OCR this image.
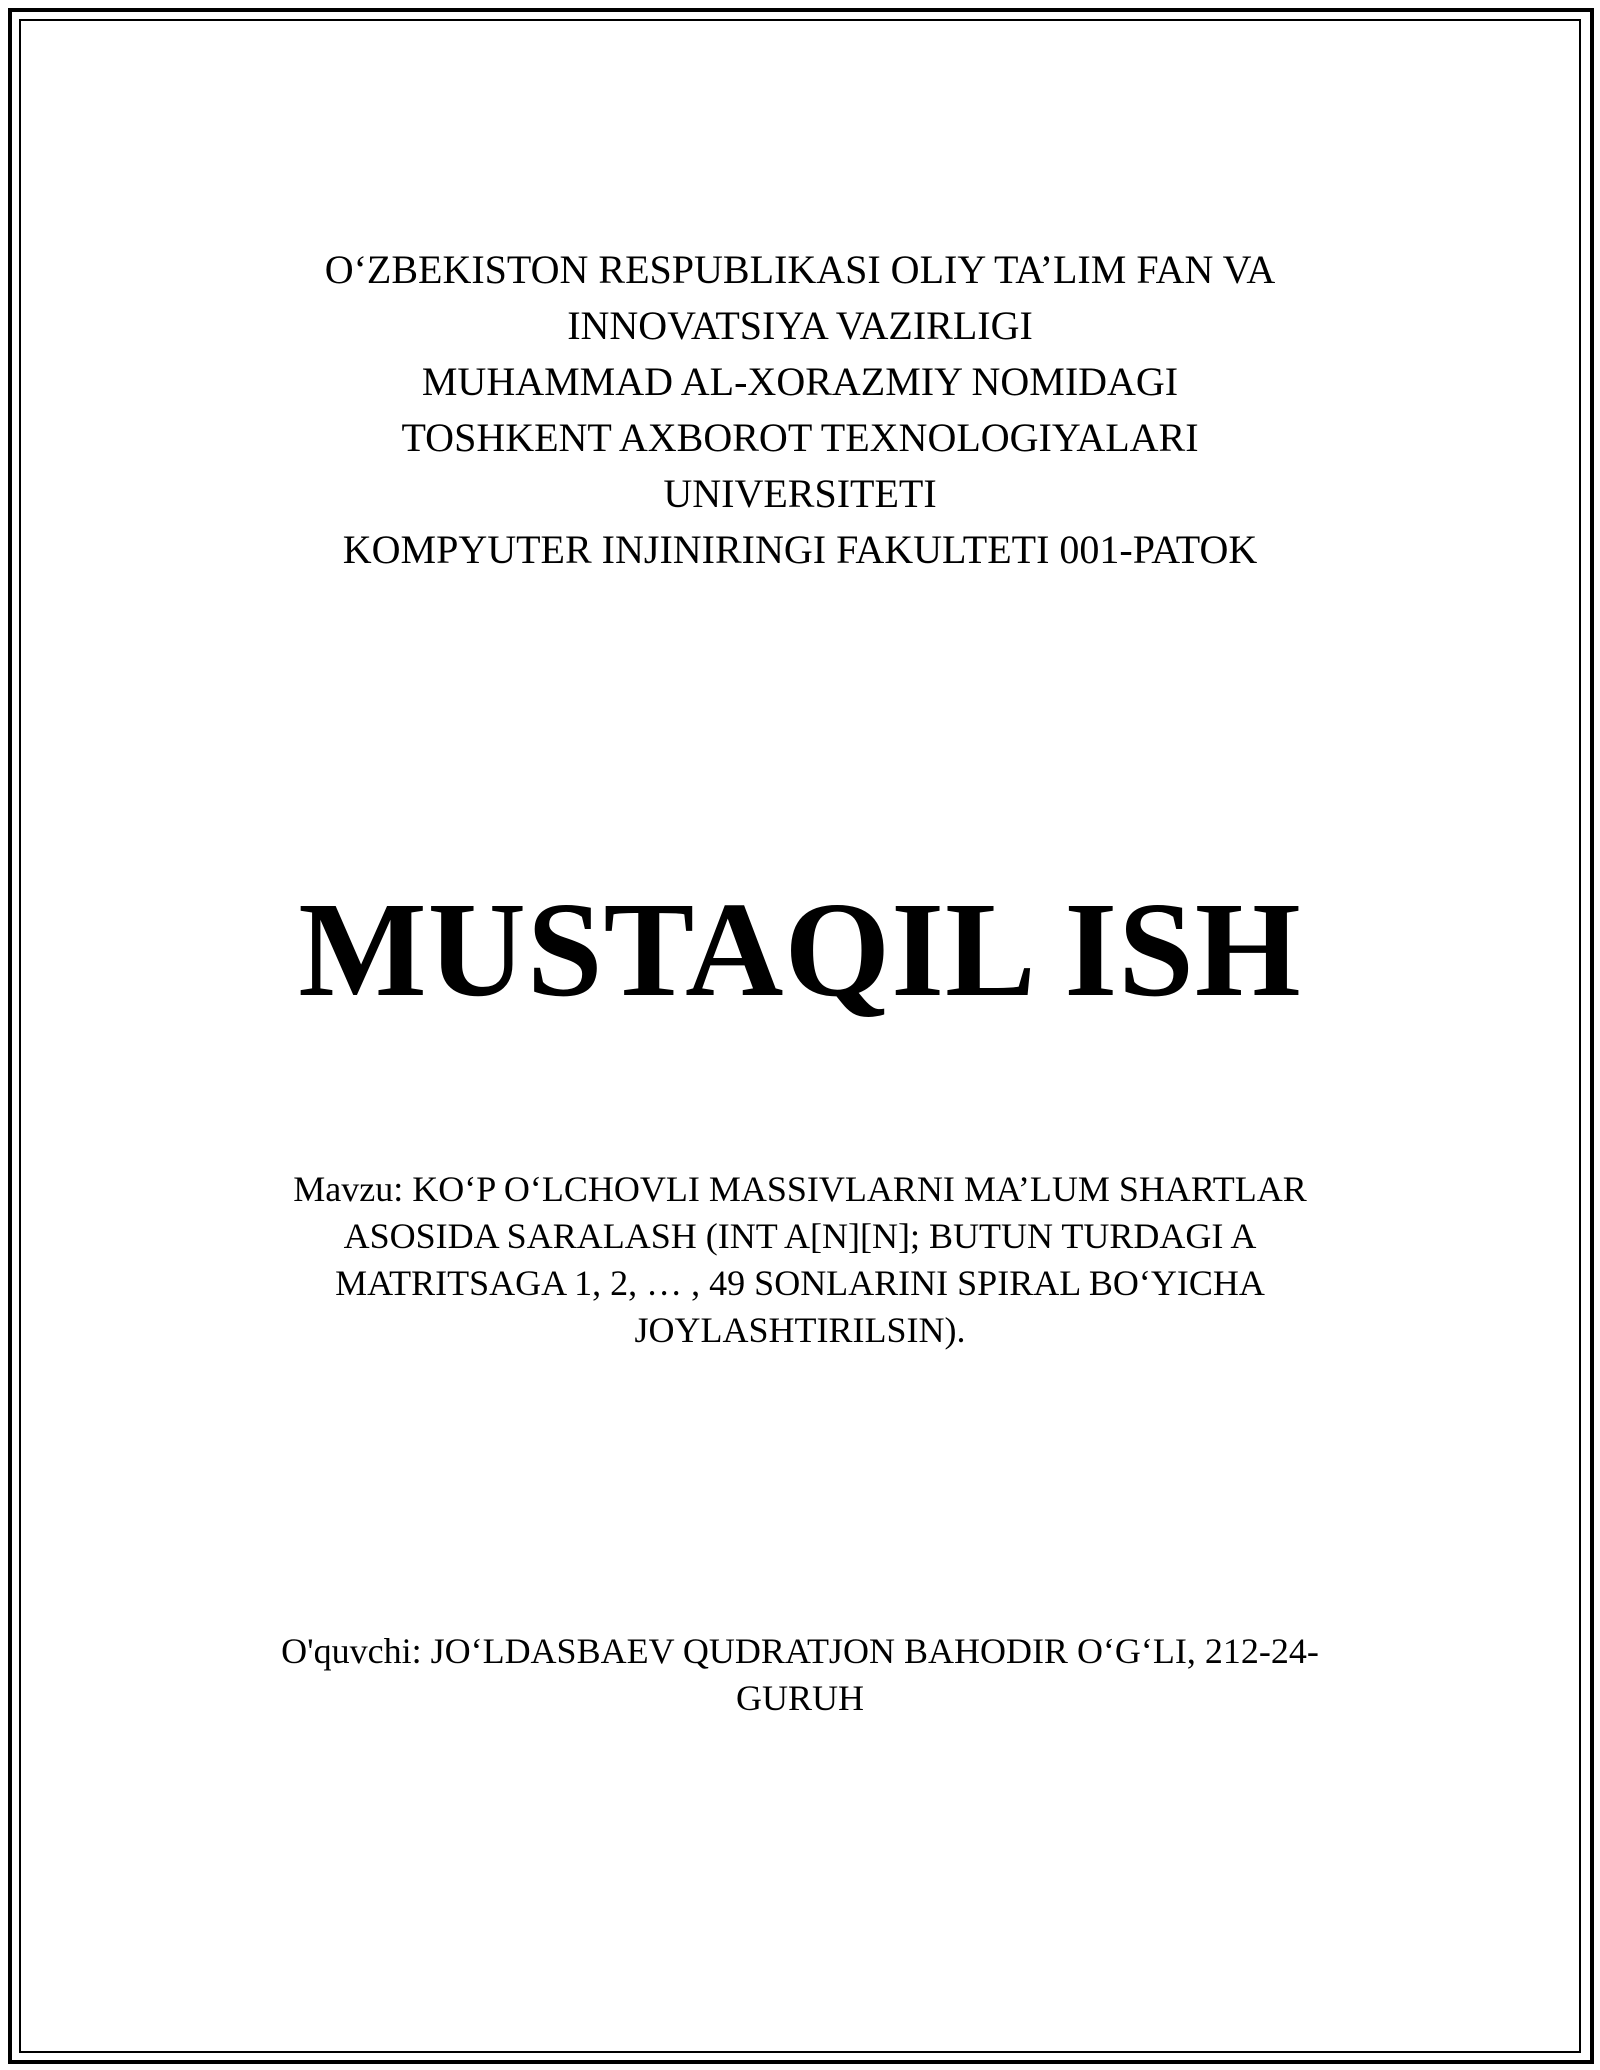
O‘ZBEKISTON RESPUBLIKASI OLIY TA’LIM FAN VA
INNOVATSIYA VAZIRLIGI
MUHAMMAD AL-XORAZMIY NOMIDAGI
TOSHKENT AXBOROT TEXNOLOGIYALARI
UNIVERSITETI
KOMPYUTER INJINIRINGI FAKULTETI 001-PATOK
MUSTAQIL ISH
Mavzu: KO‘P O‘LCHOVLI MASSIVLARNI MA’LUM SHARTLAR
ASOSIDA SARALASH (INT A[N][N]; BUTUN TURDAGI A
MATRITSAGA 1, 2, … , 49 SONLARINI SPIRAL BO‘YICHA
JOYLASHTIRILSIN).
O'quvchi: JO‘LDASBAEV QUDRATJON BAHODIR O‘G‘LI, 212-24-
GURUH
